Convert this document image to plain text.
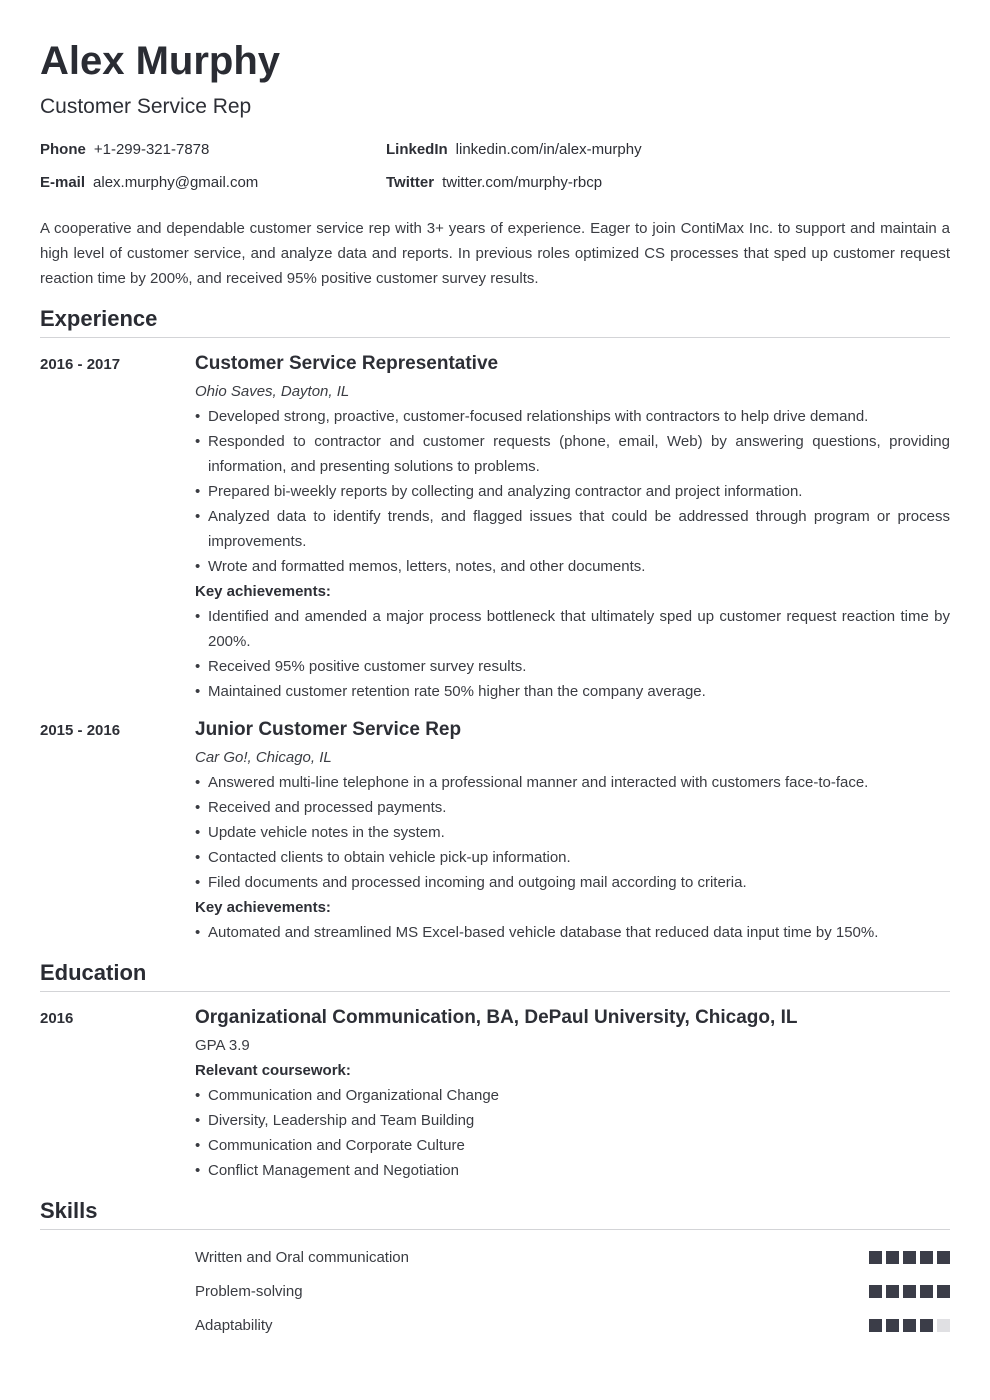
Alex Murphy
Customer Service Rep
Phone +1-299-321-7878	LinkedIn linkedin.com/in/alex-murphy
E-mail alex.murphy@gmail.com	Twitter twitter.com/murphy-rbcp
A cooperative and dependable customer service rep with 3+ years of experience. Eager to join ContiMax Inc. to support and maintain a high level of customer service, and analyze data and reports. In previous roles optimized CS processes that sped up customer request reaction time by 200%, and received 95% positive customer survey results.
Experience
2016 - 2017	Customer Service Representative
Ohio Saves, Dayton, IL
• Developed strong, proactive, customer-focused relationships with contractors to help drive demand.
• Responded to contractor and customer requests (phone, email, Web) by answering questions, providing information, and presenting solutions to problems.
• Prepared bi-weekly reports by collecting and analyzing contractor and project information.
• Analyzed data to identify trends, and flagged issues that could be addressed through program or process improvements.
• Wrote and formatted memos, letters, notes, and other documents.
Key achievements:
• Identified and amended a major process bottleneck that ultimately sped up customer request reaction time by 200%.
• Received 95% positive customer survey results.
• Maintained customer retention rate 50% higher than the company average.
2015 - 2016	Junior Customer Service Rep
Car Go!, Chicago, IL
• Answered multi-line telephone in a professional manner and interacted with customers face-to-face.
• Received and processed payments.
• Update vehicle notes in the system.
• Contacted clients to obtain vehicle pick-up information.
• Filed documents and processed incoming and outgoing mail according to criteria.
Key achievements:
• Automated and streamlined MS Excel-based vehicle database that reduced data input time by 150%.
Education
2016	Organizational Communication, BA, DePaul University, Chicago, IL
GPA 3.9
Relevant coursework:
• Communication and Organizational Change
• Diversity, Leadership and Team Building
• Communication and Corporate Culture
• Conflict Management and Negotiation
Skills
Written and Oral communication
Problem-solving
Adaptability
